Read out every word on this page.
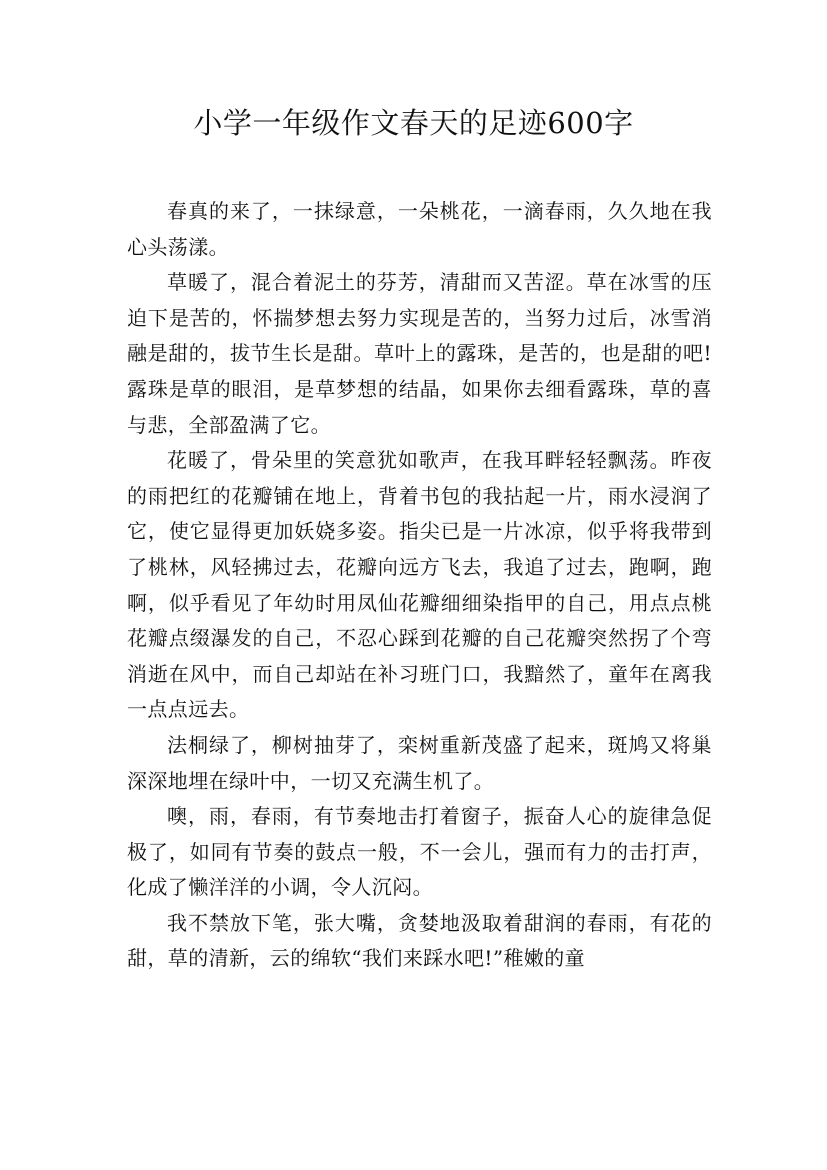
小学一年级作文春天的足迹600字

春真的来了，一抹绿意，一朵桃花，一滴春雨，久久地在我心头荡漾。

草暖了，混合着泥土的芬芳，清甜而又苦涩。草在冰雪的压迫下是苦的，怀揣梦想去努力实现是苦的，当努力过后，冰雪消融是甜的，拔节生长是甜。草叶上的露珠，是苦的，也是甜的吧!露珠是草的眼泪，是草梦想的结晶，如果你去细看露珠，草的喜与悲，全部盈满了它。

花暖了，骨朵里的笑意犹如歌声，在我耳畔轻轻飘荡。昨夜的雨把红的花瓣铺在地上，背着书包的我拈起一片，雨水浸润了它，使它显得更加妖娆多姿。指尖已是一片冰凉，似乎将我带到了桃林，风轻拂过去，花瓣向远方飞去，我追了过去，跑啊，跑啊，似乎看见了年幼时用凤仙花瓣细细染指甲的自己，用点点桃花瓣点缀瀑发的自己，不忍心踩到花瓣的自己花瓣突然拐了个弯消逝在风中，而自己却站在补习班门口，我黯然了，童年在离我一点点远去。

法桐绿了，柳树抽芽了，栾树重新茂盛了起来，斑鸠又将巢深深地埋在绿叶中，一切又充满生机了。

噢，雨，春雨，有节奏地击打着窗子，振奋人心的旋律急促极了，如同有节奏的鼓点一般，不一会儿，强而有力的击打声，化成了懒洋洋的小调，令人沉闷。

我不禁放下笔，张大嘴，贪婪地汲取着甜润的春雨，有花的甜，草的清新，云的绵软“我们来踩水吧!”稚嫩的童
